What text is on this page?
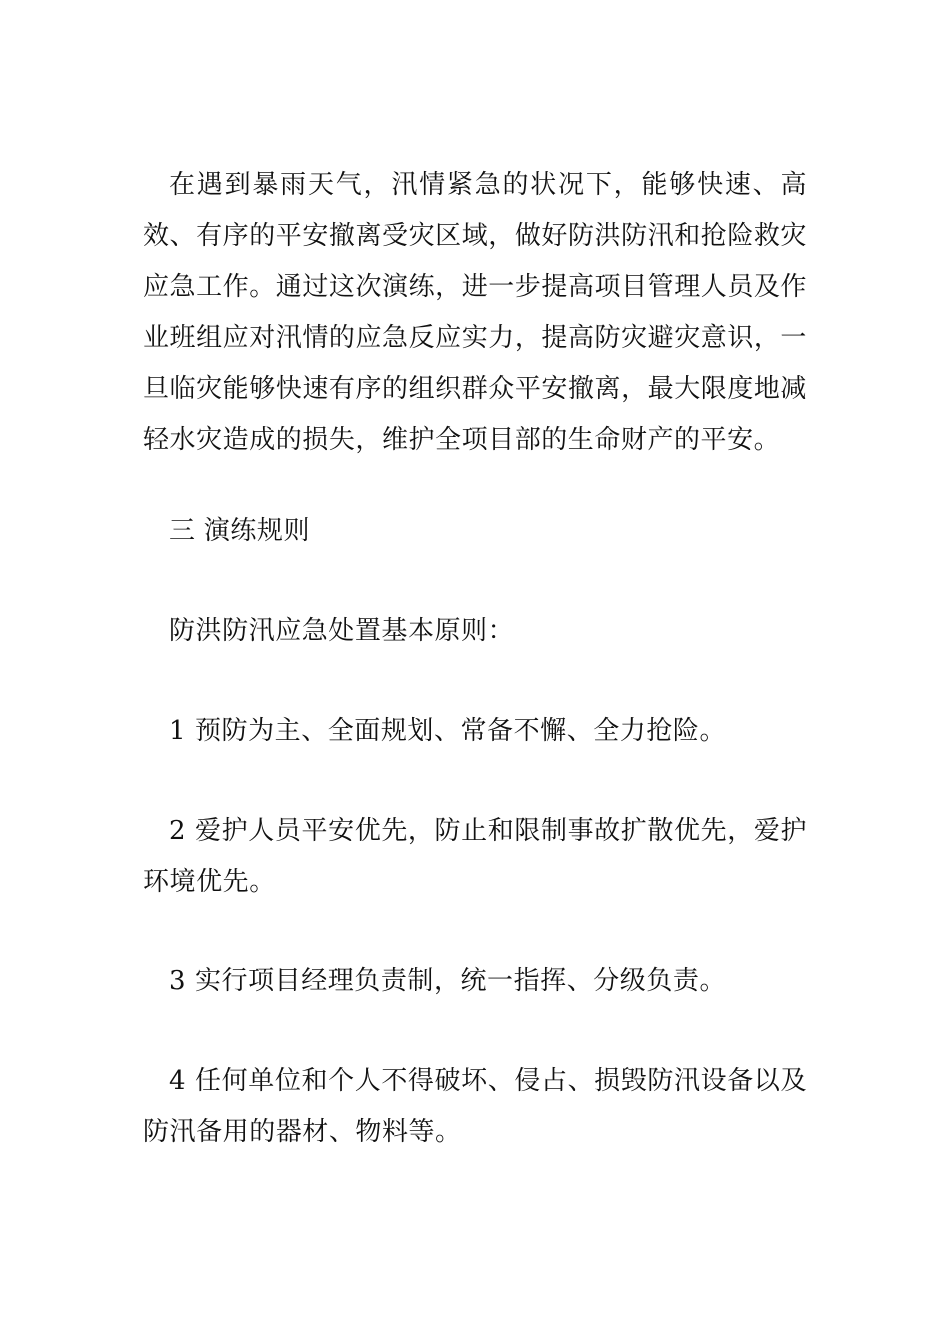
在遇到暴雨天气，汛情紧急的状况下，能够快速、高效、有序的平安撤离受灾区域，做好防洪防汛和抢险救灾应急工作。通过这次演练，进一步提高项目管理人员及作业班组应对汛情的应急反应实力，提高防灾避灾意识，一旦临灾能够快速有序的组织群众平安撤离，最大限度地减轻水灾造成的损失，维护全项目部的生命财产的平安。

三 演练规则

防洪防汛应急处置基本原则：

1 预防为主、全面规划、常备不懈、全力抢险。

2 爱护人员平安优先，防止和限制事故扩散优先，爱护环境优先。

3 实行项目经理负责制，统一指挥、分级负责。

4 任何单位和个人不得破坏、侵占、损毁防汛设备以及防汛备用的器材、物料等。
